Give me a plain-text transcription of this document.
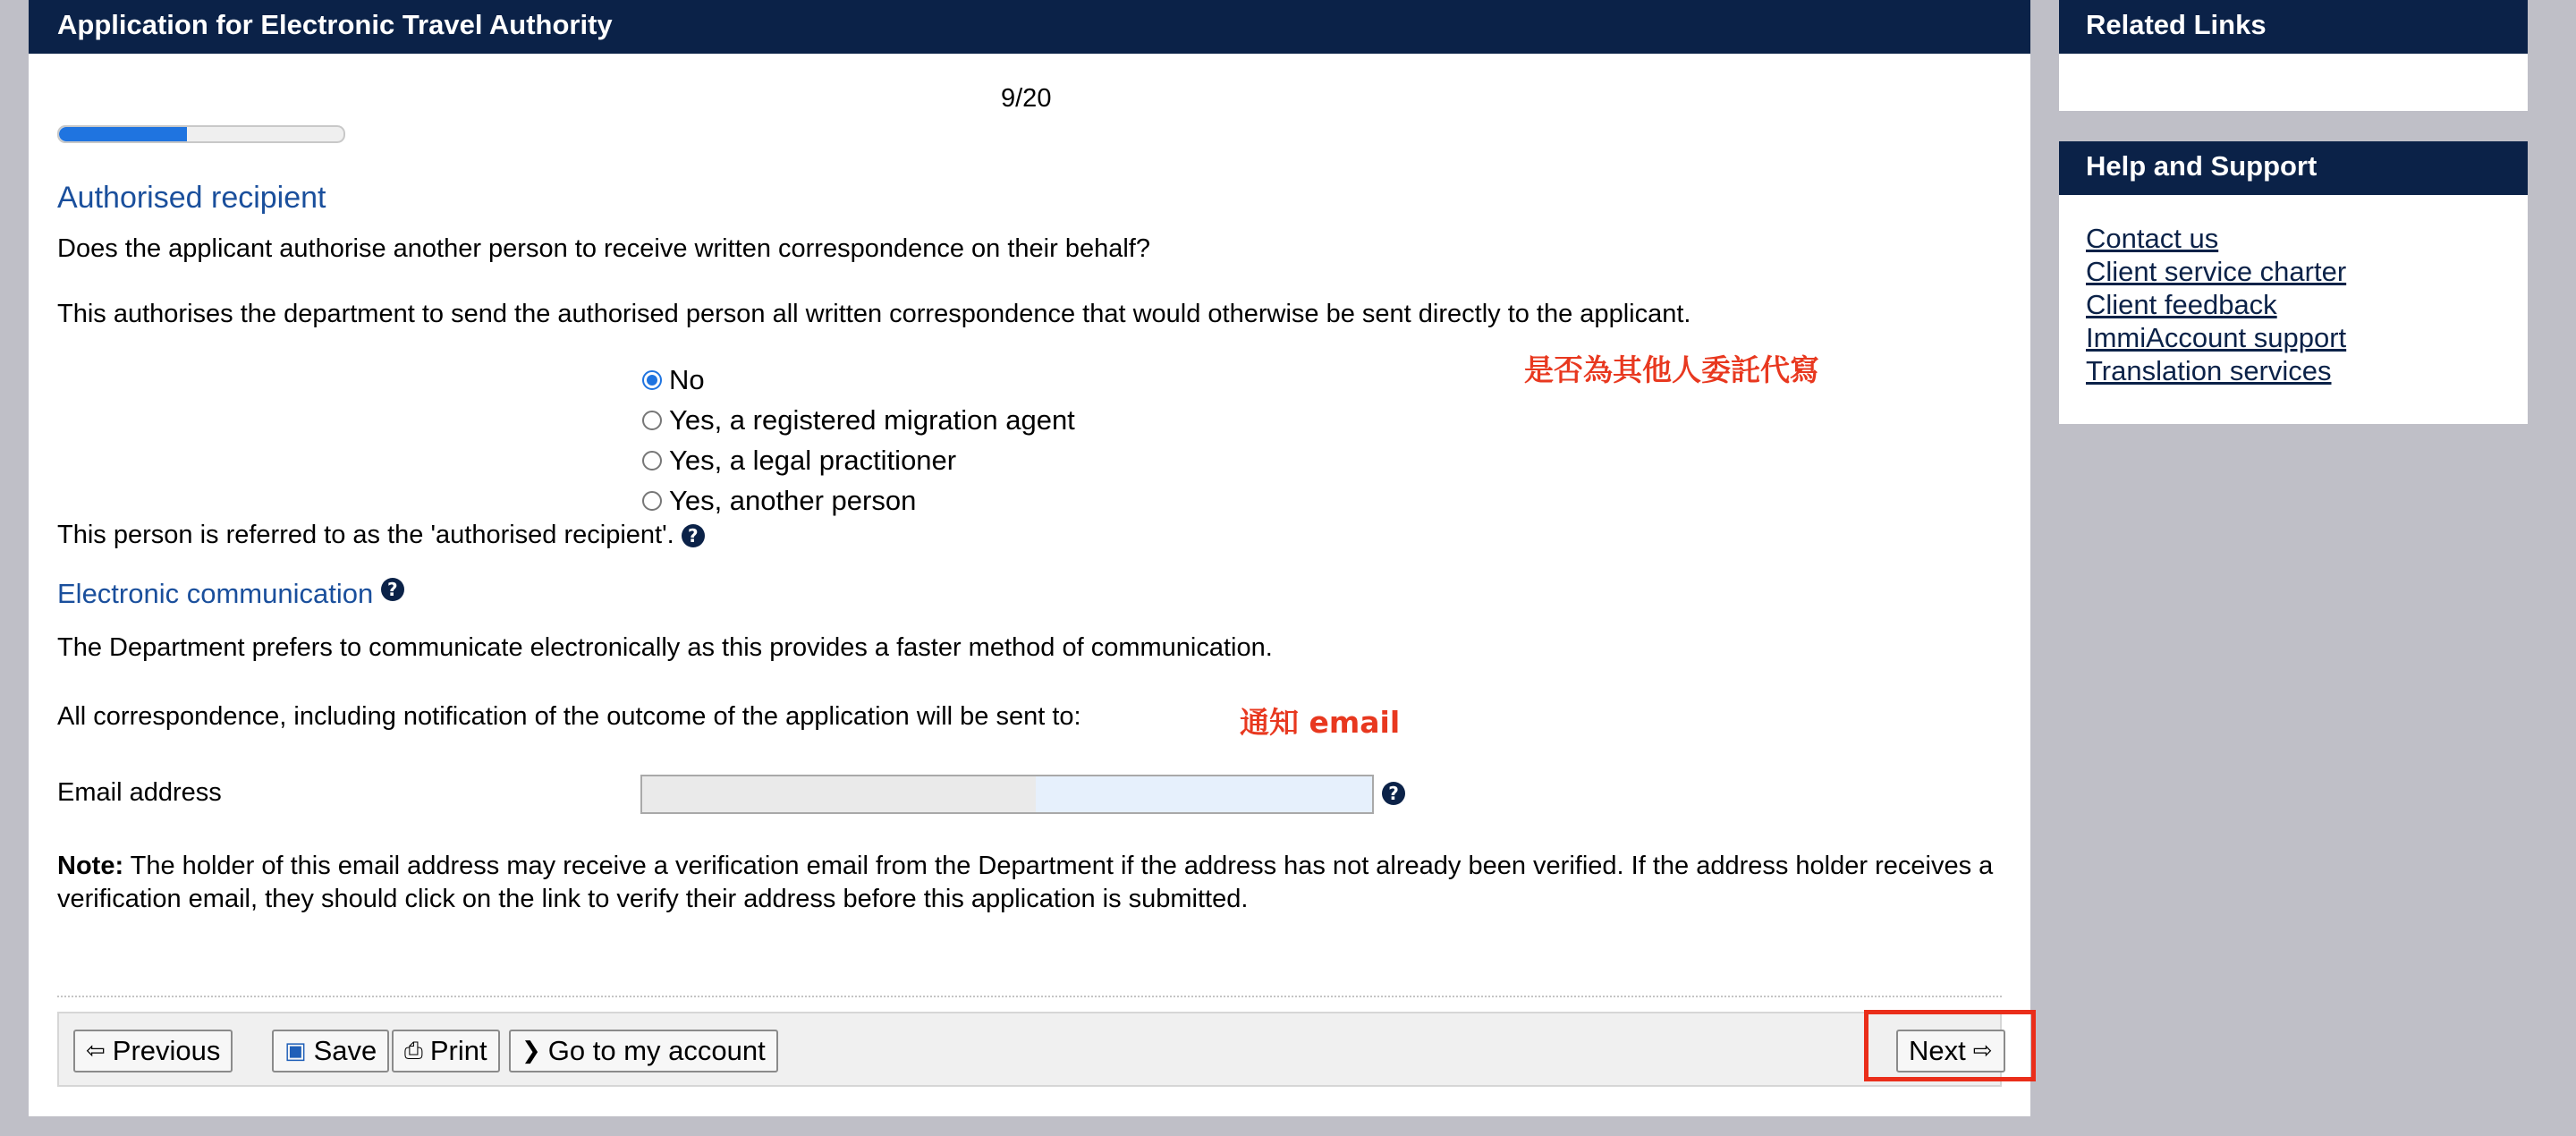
Application for Electronic Travel Authority
9/20
Authorised recipient
Does the applicant authorise another person to receive written correspondence on their behalf?
This authorises the department to send the authorised person all written correspondence that would otherwise be sent directly to the applicant.
是否為其他人委託代寫
No
Yes, a registered migration agent
Yes, a legal practitioner
Yes, another person
This person is referred to as the 'authorised recipient'. ?
Electronic communication ?
The Department prefers to communicate electronically as this provides a faster method of communication.
All correspondence, including notification of the outcome of the application will be sent to:	通知 email
Email address	?
Note: The holder of this email address may receive a verification email from the Department if the address has not already been verified. If the address holder receives a verification email, they should click on the link to verify their address before this application is submitted.
⇦ Previous	▣ Save ⎙ Print ❯ Go to my account	Next ⇨
Related Links
Help and Support
Contact us
Client service charter
Client feedback
ImmiAccount support
Translation services
